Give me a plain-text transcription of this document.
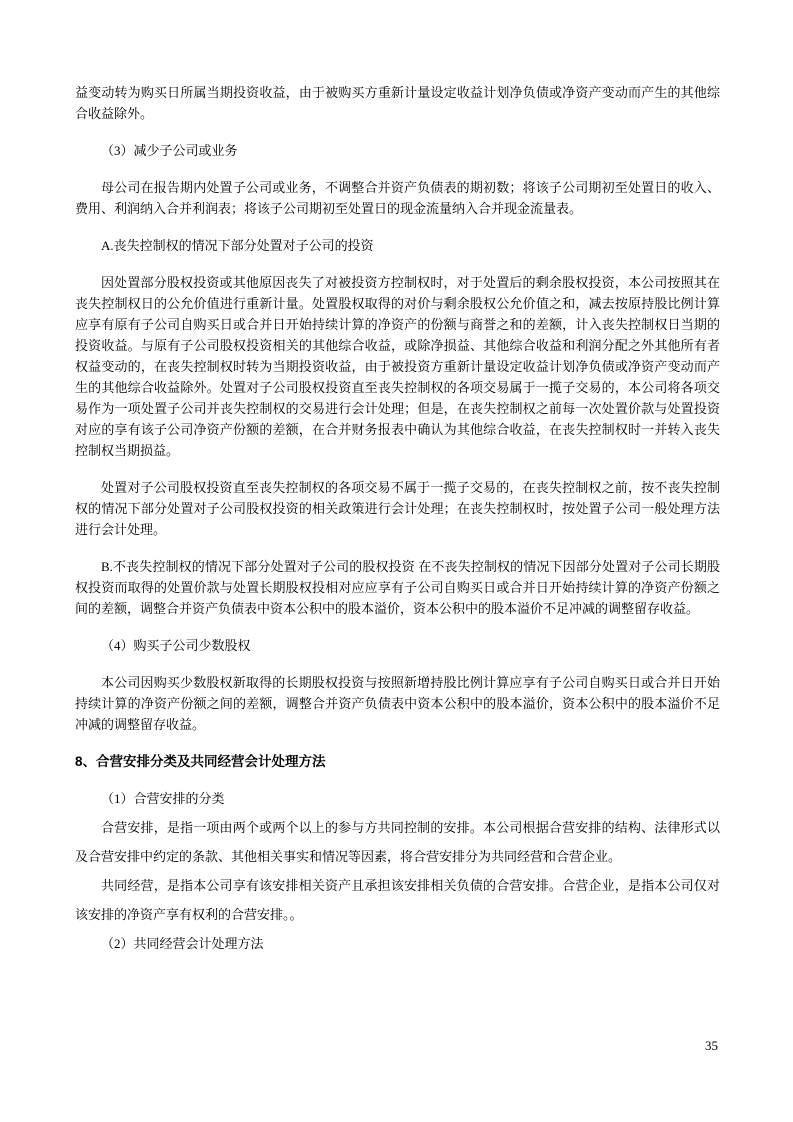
益变动转为购买日所属当期投资收益，由于被购买方重新计量设定收益计划净负债或净资产变动而产生的其他综合收益除外。

（3）减少子公司或业务

母公司在报告期内处置子公司或业务，不调整合并资产负债表的期初数；将该子公司期初至处置日的收入、费用、利润纳入合并利润表；将该子公司期初至处置日的现金流量纳入合并现金流量表。

A.丧失控制权的情况下部分处置对子公司的投资

因处置部分股权投资或其他原因丧失了对被投资方控制权时，对于处置后的剩余股权投资，本公司按照其在丧失控制权日的公允价值进行重新计量。处置股权取得的对价与剩余股权公允价值之和，减去按原持股比例计算应享有原有子公司自购买日或合并日开始持续计算的净资产的份额与商誉之和的差额，计入丧失控制权日当期的投资收益。与原有子公司股权投资相关的其他综合收益，或除净损益、其他综合收益和利润分配之外其他所有者权益变动的，在丧失控制权时转为当期投资收益，由于被投资方重新计量设定收益计划净负债或净资产变动而产生的其他综合收益除外。处置对子公司股权投资直至丧失控制权的各项交易属于一揽子交易的，本公司将各项交易作为一项处置子公司并丧失控制权的交易进行会计处理；但是，在丧失控制权之前每一次处置价款与处置投资对应的享有该子公司净资产份额的差额，在合并财务报表中确认为其他综合收益，在丧失控制权时一并转入丧失控制权当期损益。

处置对子公司股权投资直至丧失控制权的各项交易不属于一揽子交易的，在丧失控制权之前，按不丧失控制权的情况下部分处置对子公司股权投资的相关政策进行会计处理；在丧失控制权时，按处置子公司一般处理方法进行会计处理。

B.不丧失控制权的情况下部分处置对子公司的股权投资 在不丧失控制权的情况下因部分处置对子公司长期股权投资而取得的处置价款与处置长期股权投相对应应享有子公司自购买日或合并日开始持续计算的净资产份额之间的差额，调整合并资产负债表中资本公积中的股本溢价，资本公积中的股本溢价不足冲减的调整留存收益。

（4）购买子公司少数股权

本公司因购买少数股权新取得的长期股权投资与按照新增持股比例计算应享有子公司自购买日或合并日开始持续计算的净资产份额之间的差额，调整合并资产负债表中资本公积中的股本溢价，资本公积中的股本溢价不足冲减的调整留存收益。

8、合营安排分类及共同经营会计处理方法

（1）合营安排的分类

合营安排，是指一项由两个或两个以上的参与方共同控制的安排。本公司根据合营安排的结构、法律形式以及合营安排中约定的条款、其他相关事实和情况等因素，将合营安排分为共同经营和合营企业。

共同经营，是指本公司享有该安排相关资产且承担该安排相关负债的合营安排。合营企业，是指本公司仅对该安排的净资产享有权利的合营安排。。

（2）共同经营会计处理方法

35
